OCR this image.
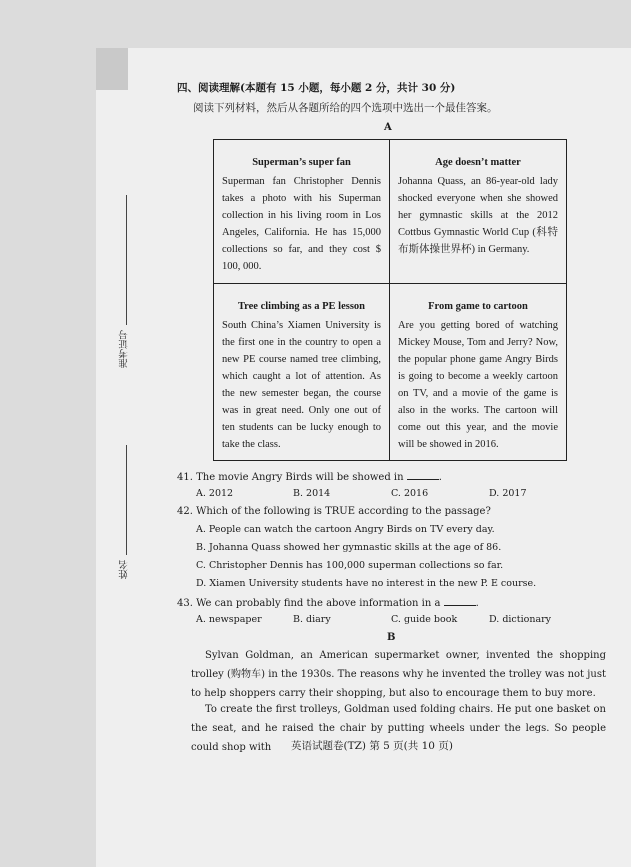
准考证号
姓名
四、阅读理解(本题有 15 小题，每小题 2 分，共计 30 分)
阅读下列材料，然后从各题所给的四个选项中选出一个最佳答案。
A
Superman’s super fan
Superman fan Christopher Dennis takes a photo with his Superman collection in his living room in Los Angeles, California. He has 15,000 collections so far, and they cost $ 100, 000.
Age doesn’t matter
Johanna Quass, an 86-year-old lady shocked everyone when she showed her gymnastic skills at the 2012 Cottbus Gymnastic World Cup (科特布斯体操世界杯) in Germany.
Tree climbing as a PE lesson
South China’s Xiamen University is the first one in the country to open a new PE course named tree climbing, which caught a lot of attention. As the new semester began, the course was in great need. Only one out of ten students can be lucky enough to take the class.
From game to cartoon
Are you getting bored of watching Mickey Mouse, Tom and Jerry? Now, the popular phone game Angry Birds is going to become a weekly cartoon on TV, and a movie of the game is also in the works. The cartoon will come out this year, and the movie will be showed in 2016.
41. The movie Angry Birds will be showed in	.
A. 2012	B. 2014	C. 2016	D. 2017
42. Which of the following is TRUE according to the passage?
A. People can watch the cartoon Angry Birds on TV every day.
B. Johanna Quass showed her gymnastic skills at the age of 86.
C. Christopher Dennis has 100,000 superman collections so far.
D. Xiamen University students have no interest in the new P. E course.
43. We can probably find the above information in a	.
A. newspaper	B. diary	C. guide book	D. dictionary
B
Sylvan Goldman, an American supermarket owner, invented the shopping trolley (购物车) in the 1930s. The reasons why he invented the trolley was not just to help shoppers carry their shopping, but also to encourage them to buy more.
To create the first trolleys, Goldman used folding chairs. He put one basket on the seat, and he raised the chair by putting wheels under the legs. So people could shop with	英语试题卷(TZ) 第 5 页(共 10 页)
